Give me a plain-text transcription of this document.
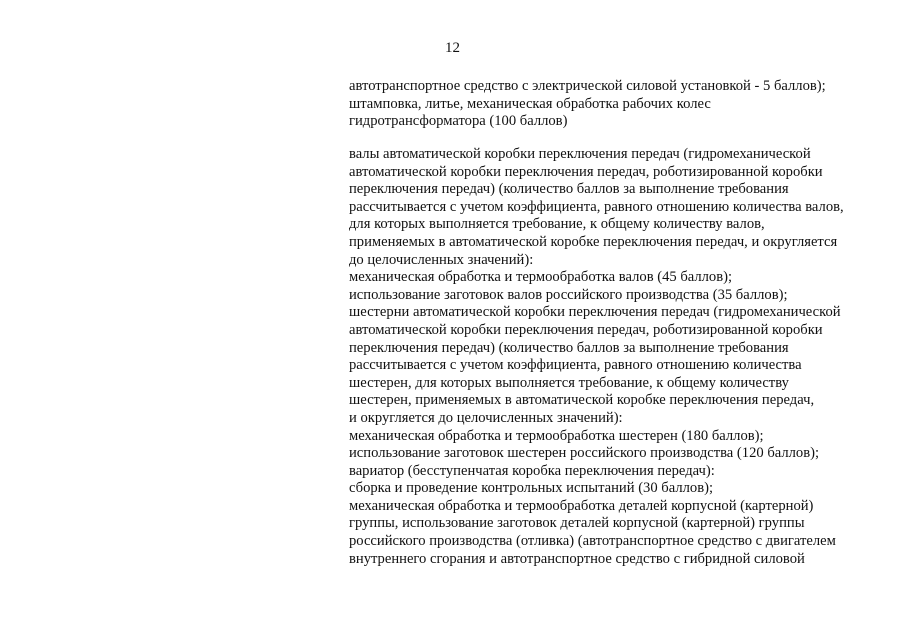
12
автотранспортное средство с электрической силовой установкой - 5 баллов);
штамповка, литье, механическая обработка рабочих колес
гидротрансформатора (100 баллов)
валы автоматической коробки переключения передач (гидромеханической
автоматической коробки переключения передач, роботизированной коробки
переключения передач) (количество баллов за выполнение требования
рассчитывается с учетом коэффициента, равного отношению количества валов,
для которых выполняется требование, к общему количеству валов,
применяемых в автоматической коробке переключения передач, и округляется
до целочисленных значений):
механическая обработка и термообработка валов (45 баллов);
использование заготовок валов российского производства (35 баллов);
шестерни автоматической коробки переключения передач (гидромеханической
автоматической коробки переключения передач, роботизированной коробки
переключения передач) (количество баллов за выполнение требования
рассчитывается с учетом коэффициента, равного отношению количества
шестерен, для которых выполняется требование, к общему количеству
шестерен, применяемых в автоматической коробке переключения передач,
и округляется до целочисленных значений):
механическая обработка и термообработка шестерен (180 баллов);
использование заготовок шестерен российского производства (120 баллов);
вариатор (бесступенчатая коробка переключения передач):
сборка и проведение контрольных испытаний (30 баллов);
механическая обработка и термообработка деталей корпусной (картерной)
группы, использование заготовок деталей корпусной (картерной) группы
российского производства (отливка) (автотранспортное средство с двигателем
внутреннего сгорания и автотранспортное средство с гибридной силовой
